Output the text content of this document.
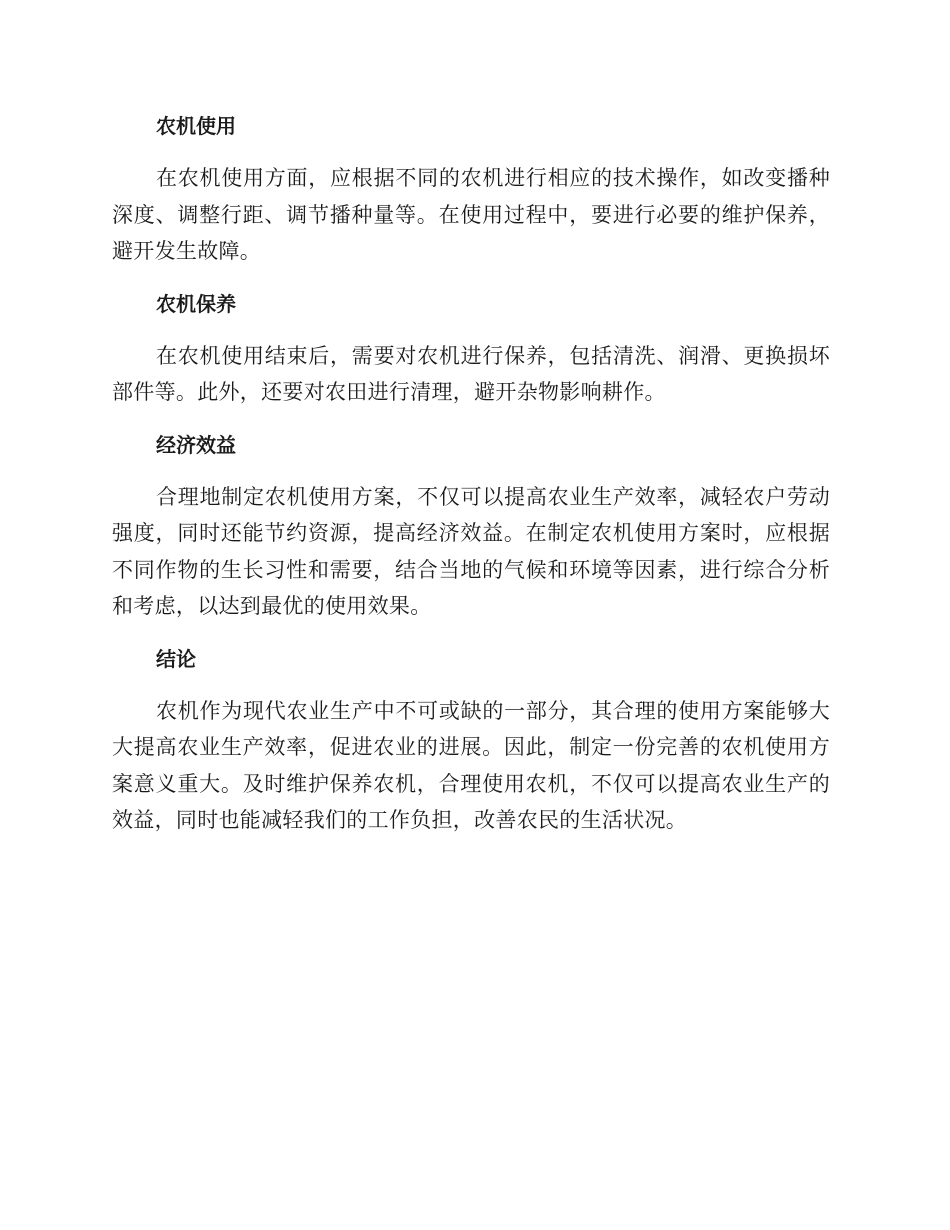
农机使用

在农机使用方面，应根据不同的农机进行相应的技术操作，如改变播种深度、调整行距、调节播种量等。在使用过程中，要进行必要的维护保养，避开发生故障。

农机保养

在农机使用结束后，需要对农机进行保养，包括清洗、润滑、更换损坏部件等。此外，还要对农田进行清理，避开杂物影响耕作。

经济效益

合理地制定农机使用方案，不仅可以提高农业生产效率，减轻农户劳动强度，同时还能节约资源，提高经济效益。在制定农机使用方案时，应根据不同作物的生长习性和需要，结合当地的气候和环境等因素，进行综合分析和考虑，以达到最优的使用效果。

结论

农机作为现代农业生产中不可或缺的一部分，其合理的使用方案能够大大提高农业生产效率，促进农业的进展。因此，制定一份完善的农机使用方案意义重大。及时维护保养农机，合理使用农机，不仅可以提高农业生产的效益，同时也能减轻我们的工作负担，改善农民的生活状况。
